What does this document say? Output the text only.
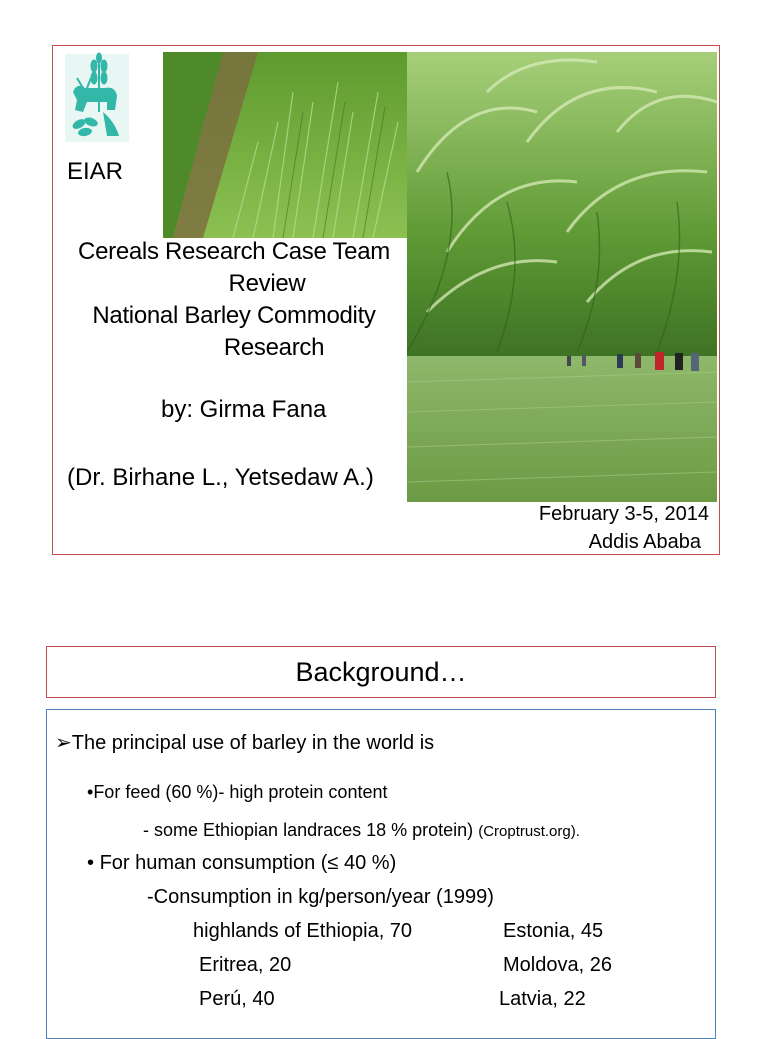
EIAR
Cereals Research Case Team
Review
National Barley Commodity
Research
by: Girma Fana
(Dr. Birhane L., Yetsedaw A.)
February 3-5, 2014
Addis Ababa
Background…
➢The principal use of barley in the world is
•For feed (60 %)- high protein content
- some Ethiopian landraces 18 % protein) (Croptrust.org).
• For human consumption (≤ 40 %)
-Consumption in kg/person/year (1999)
highlands of Ethiopia, 70	Estonia, 45
Eritrea, 20	Moldova, 26
Perú, 40	Latvia, 22
